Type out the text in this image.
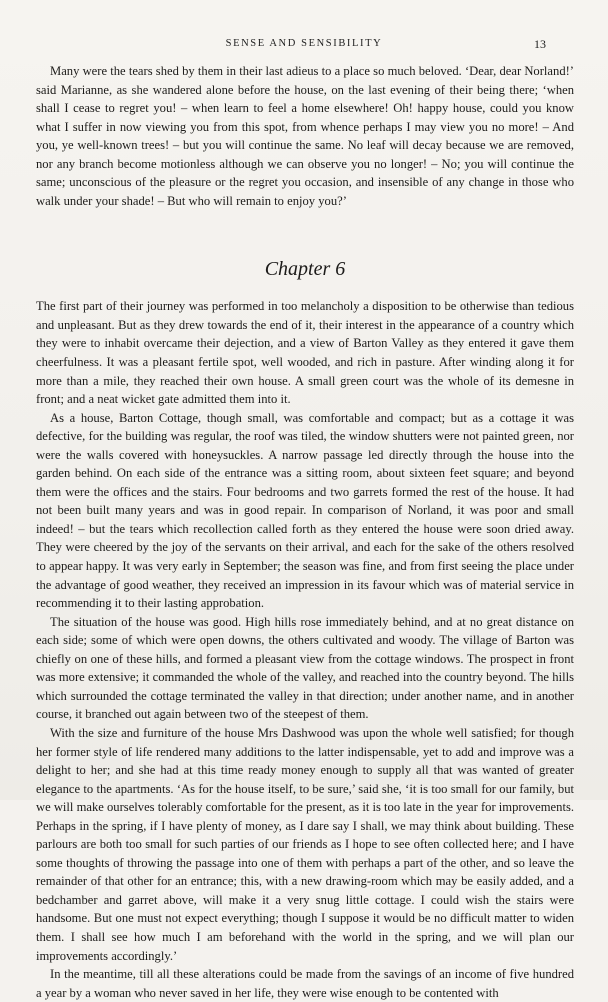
SENSE AND SENSIBILITY	13

Many were the tears shed by them in their last adieus to a place so much beloved. ‘Dear, dear Norland!’ said Marianne, as she wandered alone before the house, on the last evening of their being there; ‘when shall I cease to regret you! – when learn to feel a home elsewhere! Oh! happy house, could you know what I suffer in now viewing you from this spot, from whence perhaps I may view you no more! – And you, ye well-known trees! – but you will continue the same. No leaf will decay because we are removed, nor any branch become motionless although we can observe you no longer! – No; you will continue the same; unconscious of the pleasure or the regret you occasion, and insensible of any change in those who walk under your shade! – But who will remain to enjoy you?’

Chapter 6

The first part of their journey was performed in too melancholy a disposition to be otherwise than tedious and unpleasant. But as they drew towards the end of it, their interest in the appearance of a country which they were to inhabit overcame their dejection, and a view of Barton Valley as they entered it gave them cheerfulness. It was a pleasant fertile spot, well wooded, and rich in pasture. After winding along it for more than a mile, they reached their own house. A small green court was the whole of its demesne in front; and a neat wicket gate admitted them into it.

As a house, Barton Cottage, though small, was comfortable and compact; but as a cottage it was defective, for the building was regular, the roof was tiled, the window shutters were not painted green, nor were the walls covered with honeysuckles. A narrow passage led directly through the house into the garden behind. On each side of the entrance was a sitting room, about sixteen feet square; and beyond them were the offices and the stairs. Four bedrooms and two garrets formed the rest of the house. It had not been built many years and was in good repair. In comparison of Norland, it was poor and small indeed! – but the tears which recollection called forth as they entered the house were soon dried away. They were cheered by the joy of the servants on their arrival, and each for the sake of the others resolved to appear happy. It was very early in September; the season was fine, and from first seeing the place under the advantage of good weather, they received an impression in its favour which was of material service in recommending it to their lasting approbation.

The situation of the house was good. High hills rose immediately behind, and at no great distance on each side; some of which were open downs, the others cultivated and woody. The village of Barton was chiefly on one of these hills, and formed a pleasant view from the cottage windows. The prospect in front was more extensive; it commanded the whole of the valley, and reached into the country beyond. The hills which surrounded the cottage terminated the valley in that direction; under another name, and in another course, it branched out again between two of the steepest of them.

With the size and furniture of the house Mrs Dashwood was upon the whole well satisfied; for though her former style of life rendered many additions to the latter indispensable, yet to add and improve was a delight to her; and she had at this time ready money enough to supply all that was wanted of greater elegance to the apartments. ‘As for the house itself, to be sure,’ said she, ‘it is too small for our family, but we will make ourselves tolerably comfortable for the present, as it is too late in the year for improvements. Perhaps in the spring, if I have plenty of money, as I dare say I shall, we may think about building. These parlours are both too small for such parties of our friends as I hope to see often collected here; and I have some thoughts of throwing the passage into one of them with perhaps a part of the other, and so leave the remainder of that other for an entrance; this, with a new drawing-room which may be easily added, and a bedchamber and garret above, will make it a very snug little cottage. I could wish the stairs were handsome. But one must not expect everything; though I suppose it would be no difficult matter to widen them. I shall see how much I am beforehand with the world in the spring, and we will plan our improvements accordingly.’

In the meantime, till all these alterations could be made from the savings of an income of five hundred a year by a woman who never saved in her life, they were wise enough to be contented with
